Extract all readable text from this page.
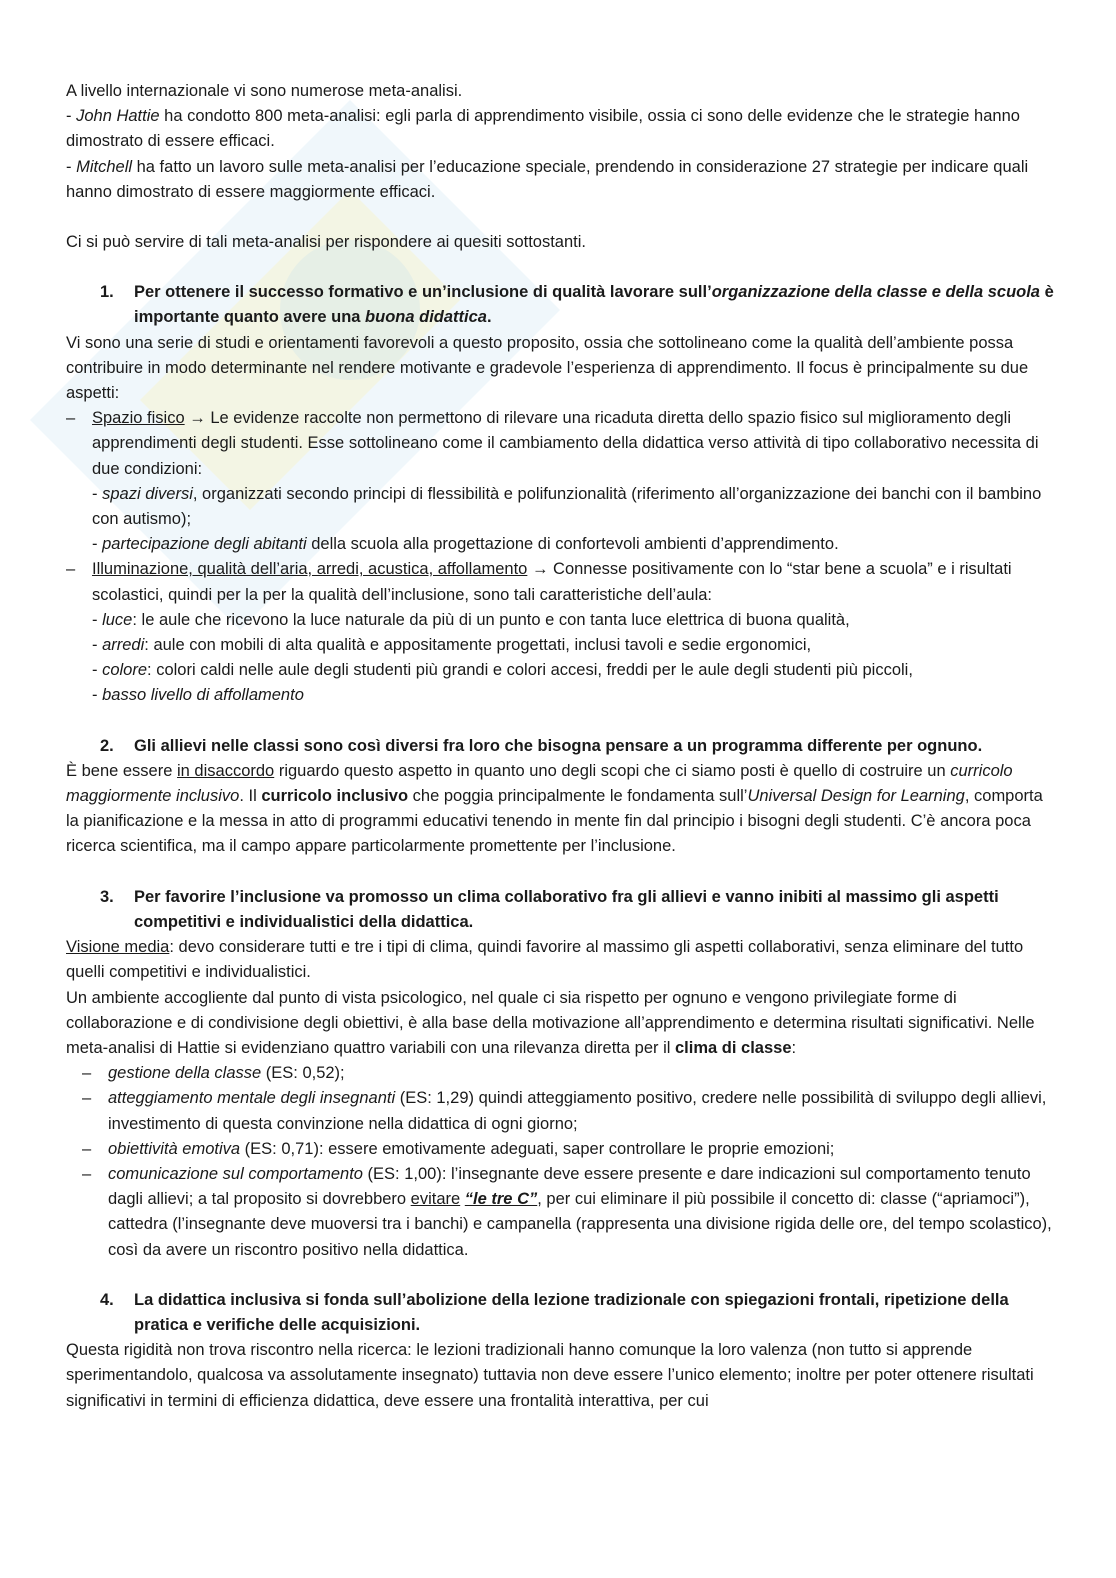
A livello internazionale vi sono numerose meta-analisi.

- John Hattie ha condotto 800 meta-analisi: egli parla di apprendimento visibile, ossia ci sono delle evidenze che le strategie hanno dimostrato di essere efficaci.

- Mitchell ha fatto un lavoro sulle meta-analisi per l’educazione speciale, prendendo in considerazione 27 strategie per indicare quali hanno dimostrato di essere maggiormente efficaci.

Ci si può servire di tali meta-analisi per rispondere ai quesiti sottostanti.

1. Per ottenere il successo formativo e un’inclusione di qualità lavorare sull’organizzazione della classe e della scuola è importante quanto avere una buona didattica.

Vi sono una serie di studi e orientamenti favorevoli a questo proposito, ossia che sottolineano come la qualità dell’ambiente possa contribuire in modo determinante nel rendere motivante e gradevole l’esperienza di apprendimento. Il focus è principalmente su due aspetti:

– Spazio fisico → Le evidenze raccolte non permettono di rilevare una ricaduta diretta dello spazio fisico sul miglioramento degli apprendimenti degli studenti. Esse sottolineano come il cambiamento della didattica verso attività di tipo collaborativo necessita di due condizioni:

- spazi diversi, organizzati secondo principi di flessibilità e polifunzionalità (riferimento all’organizzazione dei banchi con il bambino con autismo);

- partecipazione degli abitanti della scuola alla progettazione di confortevoli ambienti d’apprendimento.

– Illuminazione, qualità dell’aria, arredi, acustica, affollamento → Connesse positivamente con lo “star bene a scuola” e i risultati scolastici, quindi per la per la qualità dell’inclusione, sono tali caratteristiche dell’aula:

- luce: le aule che ricevono la luce naturale da più di un punto e con tanta luce elettrica di buona qualità,

- arredi: aule con mobili di alta qualità e appositamente progettati, inclusi tavoli e sedie ergonomici,

- colore: colori caldi nelle aule degli studenti più grandi e colori accesi, freddi per le aule degli studenti più piccoli,

- basso livello di affollamento

2. Gli allievi nelle classi sono così diversi fra loro che bisogna pensare a un programma differente per ognuno.

È bene essere in disaccordo riguardo questo aspetto in quanto uno degli scopi che ci siamo posti è quello di costruire un curricolo maggiormente inclusivo. Il curricolo inclusivo che poggia principalmente le fondamenta sull’Universal Design for Learning, comporta la pianificazione e la messa in atto di programmi educativi tenendo in mente fin dal principio i bisogni degli studenti. C’è ancora poca ricerca scientifica, ma il campo appare particolarmente promettente per l’inclusione.

3. Per favorire l’inclusione va promosso un clima collaborativo fra gli allievi e vanno inibiti al massimo gli aspetti competitivi e individualistici della didattica.

Visione media: devo considerare tutti e tre i tipi di clima, quindi favorire al massimo gli aspetti collaborativi, senza eliminare del tutto quelli competitivi e individualistici.

Un ambiente accogliente dal punto di vista psicologico, nel quale ci sia rispetto per ognuno e vengono privilegiate forme di collaborazione e di condivisione degli obiettivi, è alla base della motivazione all’apprendimento e determina risultati significativi. Nelle meta-analisi di Hattie si evidenziano quattro variabili con una rilevanza diretta per il clima di classe:

– gestione della classe (ES: 0,52);

– atteggiamento mentale degli insegnanti (ES: 1,29) quindi atteggiamento positivo, credere nelle possibilità di sviluppo degli allievi, investimento di questa convinzione nella didattica di ogni giorno;

– obiettività emotiva (ES: 0,71): essere emotivamente adeguati, saper controllare le proprie emozioni;

– comunicazione sul comportamento (ES: 1,00): l’insegnante deve essere presente e dare indicazioni sul comportamento tenuto dagli allievi; a tal proposito si dovrebbero evitare “le tre C”, per cui eliminare il più possibile il concetto di: classe (“apriamoci”), cattedra (l’insegnante deve muoversi tra i banchi) e campanella (rappresenta una divisione rigida delle ore, del tempo scolastico), così da avere un riscontro positivo nella didattica.

4. La didattica inclusiva si fonda sull’abolizione della lezione tradizionale con spiegazioni frontali, ripetizione della pratica e verifiche delle acquisizioni.

Questa rigidità non trova riscontro nella ricerca: le lezioni tradizionali hanno comunque la loro valenza (non tutto si apprende sperimentandolo, qualcosa va assolutamente insegnato) tuttavia non deve essere l’unico elemento; inoltre per poter ottenere risultati significativi in termini di efficienza didattica, deve essere una frontalità interattiva, per cui
